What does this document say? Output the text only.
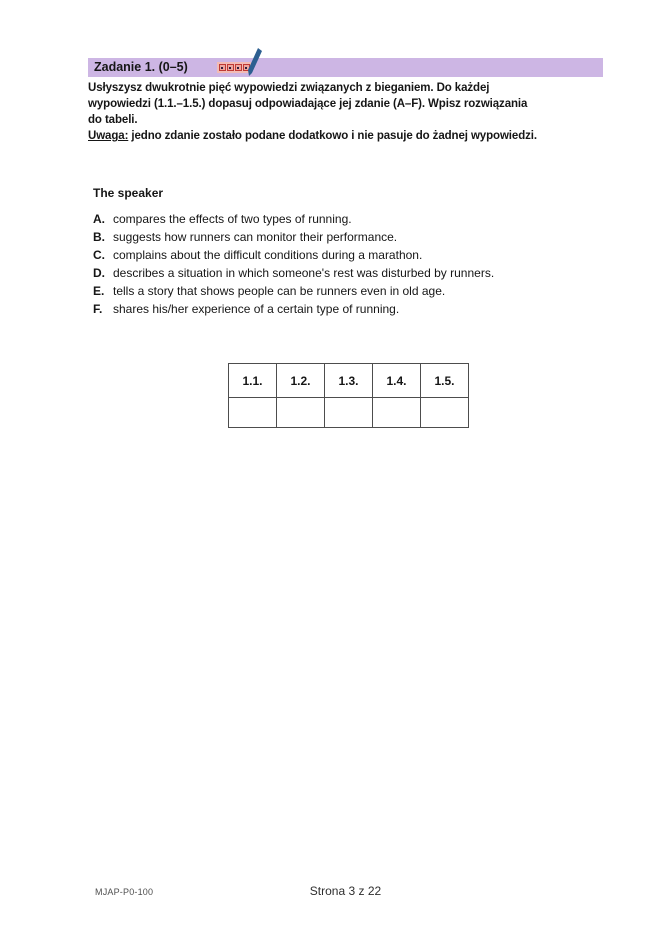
Zadanie 1. (0–5)
Usłyszysz dwukrotnie pięć wypowiedzi związanych z bieganiem. Do każdej
wypowiedzi (1.1.–1.5.) dopasuj odpowiadające jej zdanie (A–F). Wpisz rozwiązania
do tabeli.
Uwaga: jedno zdanie zostało podane dodatkowo i nie pasuje do żadnej wypowiedzi.
The speaker
A. compares the effects of two types of running.
B. suggests how runners can monitor their performance.
C. complains about the difficult conditions during a marathon.
D. describes a situation in which someone's rest was disturbed by runners.
E. tells a story that shows people can be runners even in old age.
F. shares his/her experience of a certain type of running.
1.1.	1.2.	1.3.	1.4.	1.5.

MJAP-P0-100	Strona 3 z 22
